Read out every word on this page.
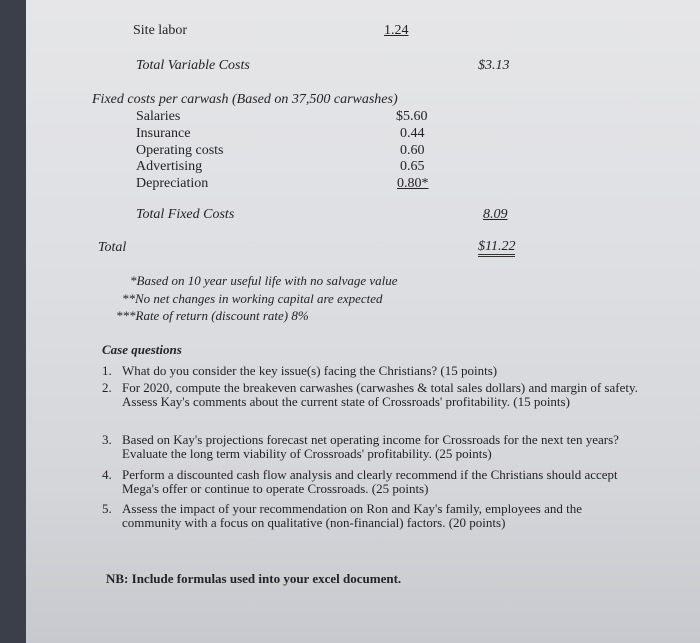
Site labor	1.24
Total Variable Costs	$3.13
Fixed costs per carwash (Based on 37,500 carwashes)
Salaries	$5.60
Insurance	0.44
Operating costs	0.60
Advertising	0.65
Depreciation	0.80*
Total Fixed Costs	8.09
Total	$11.22
*Based on 10 year useful life with no salvage value
**No net changes in working capital are expected
***Rate of return (discount rate) 8%
Case questions
1. What do you consider the key issue(s) facing the Christians? (15 points)
2. For 2020, compute the breakeven carwashes (carwashes & total sales dollars) and margin of safety. Assess Kay's comments about the current state of Crossroads' profitability. (15 points)
3. Based on Kay's projections forecast net operating income for Crossroads for the next ten years? Evaluate the long term viability of Crossroads' profitability. (25 points)
4. Perform a discounted cash flow analysis and clearly recommend if the Christians should accept Mega's offer or continue to operate Crossroads. (25 points)
5. Assess the impact of your recommendation on Ron and Kay's family, employees and the community with a focus on qualitative (non-financial) factors. (20 points)
NB: Include formulas used into your excel document.
